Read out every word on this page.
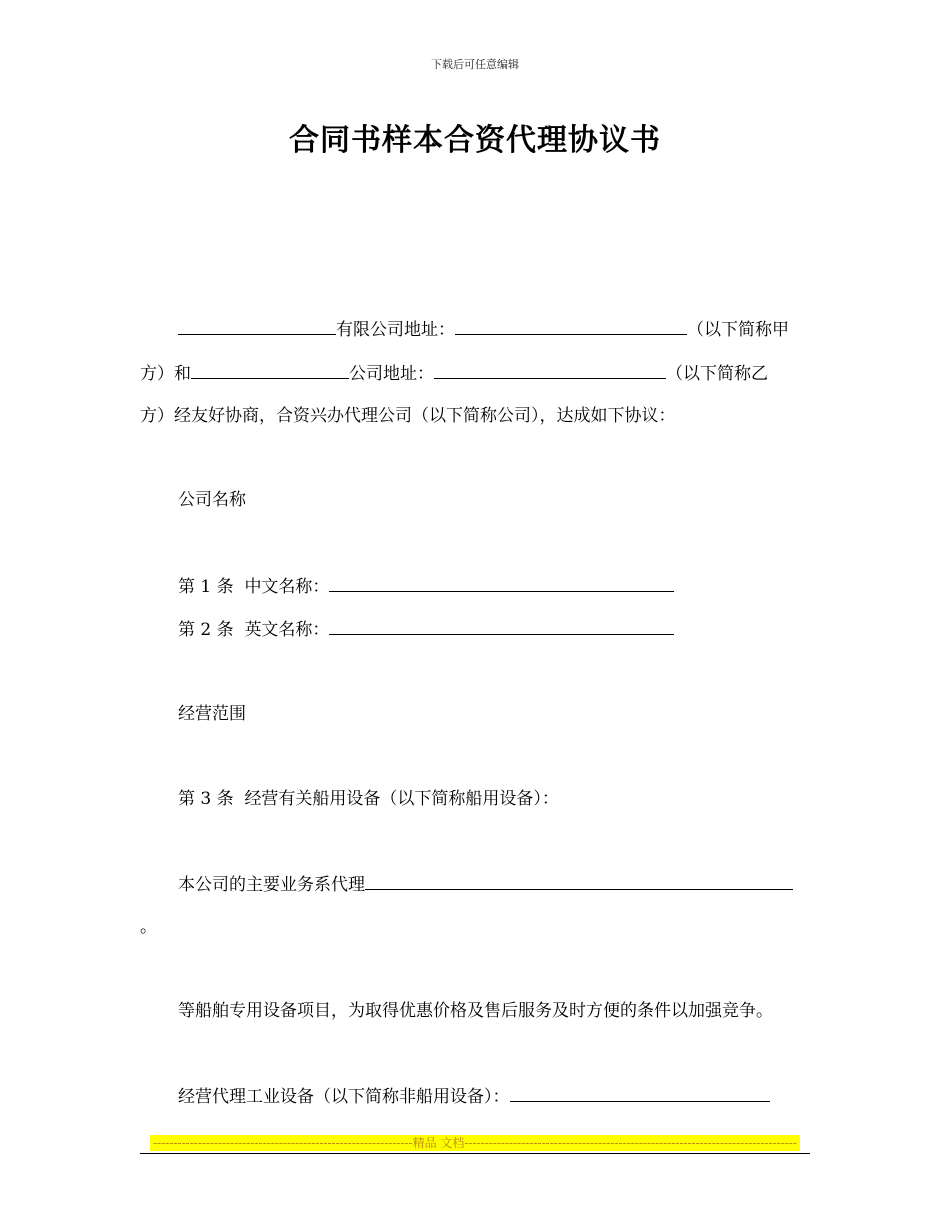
下载后可任意编辑
合同书样本合资代理协议书
有限公司地址：	（以下简称甲
方）和	公司地址：	（以下简称乙
方）经友好协商，合资兴办代理公司（以下简称公司），达成如下协议：
公司名称
第 1 条 中文名称：
第 2 条 英文名称：
经营范围
第 3 条 经营有关船用设备（以下简称船用设备）：
本公司的主要业务系代理
。
等船舶专用设备项目，为取得优惠价格及售后服务及时方便的条件以加强竞争。
经营代理工业设备（以下简称非船用设备）：
----------------------------------------------------------------精品 文档----------------------------------------------------------------------------------
